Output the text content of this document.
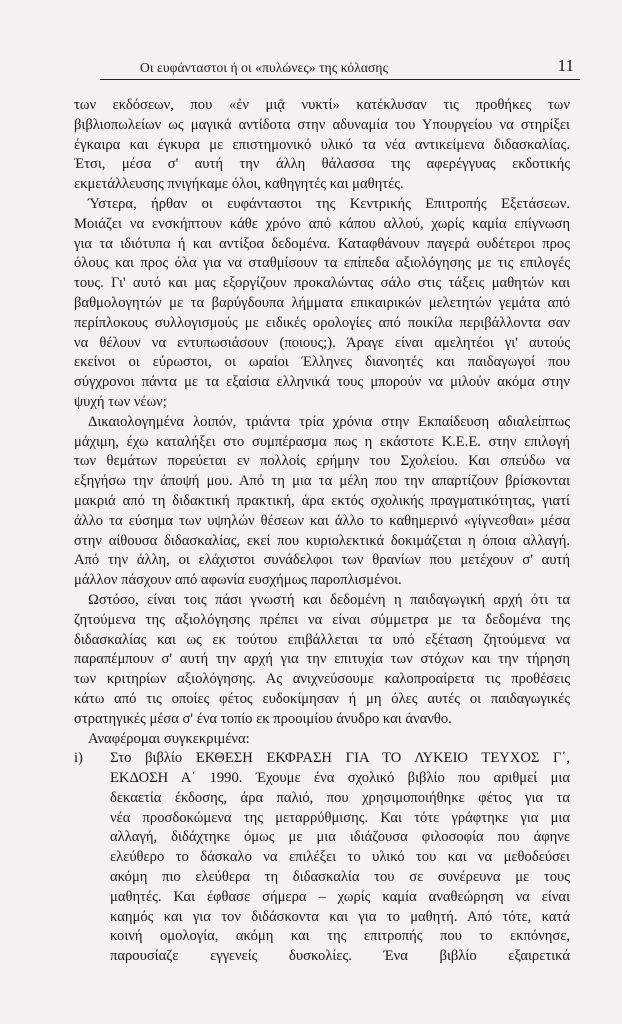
Οι ευφάνταστοι ή οι «πυλώνες» της κόλασης	11
των εκδόσεων, που «ἐν μιᾷ νυκτί» κατέκλυσαν τις προθήκες των
βιβλιοπωλείων ως μαγικά αντίδοτα στην αδυναμία του Υπουργείου να στηρίξει
έγκαιρα και έγκυρα με επιστημονικό υλικό τα νέα αντικείμενα διδασκαλίας.
Έτσι, μέσα σ' αυτή την άλλη θάλασσα της αφερέγγυας εκδοτικής
εκμετάλλευσης πνιγήκαμε όλοι, καθηγητές και μαθητές.
Ύστερα, ήρθαν οι ευφάνταστοι της Κεντρικής Επιτροπής Εξετάσεων.
Μοιάζει να ενσκήπτουν κάθε χρόνο από κάπου αλλού, χωρίς καμία επίγνωση
για τα ιδιότυπα ή και αντίξοα δεδομένα. Καταφθάνουν παγερά ουδέτεροι προς
όλους και προς όλα για να σταθμίσουν τα επίπεδα αξιολόγησης με τις επιλογές
τους. Γι' αυτό και μας εξοργίζουν προκαλώντας σάλο στις τάξεις μαθητών και
βαθμολογητών με τα βαρύγδουπα λήμματα επικαιρικών μελετητών γεμάτα από
περίπλοκους συλλογισμούς με ειδικές ορολογίες από ποικίλα περιβάλλοντα σαν
να θέλουν να εντυπωσιάσουν (ποιους;). Άραγε είναι αμελητέοι γι' αυτούς
εκείνοι οι εύρωστοι, οι ωραίοι Έλληνες διανοητές και παιδαγωγοί που
σύγχρονοι πάντα με τα εξαίσια ελληνικά τους μπορούν να μιλούν ακόμα στην
ψυχή των νέων;
Δικαιολογημένα λοιπόν, τριάντα τρία χρόνια στην Εκπαίδευση αδιαλείπτως
μάχιμη, έχω καταλήξει στο συμπέρασμα πως η εκάστοτε Κ.Ε.Ε. στην επιλογή
των θεμάτων πορεύεται εν πολλοίς ερήμην του Σχολείου. Και σπεύδω να
εξηγήσω την άποψή μου. Από τη μια τα μέλη που την απαρτίζουν βρίσκονται
μακριά από τη διδακτική πρακτική, άρα εκτός σχολικής πραγματικότητας, γιατί
άλλο τα εύσημα των υψηλών θέσεων και άλλο το καθημερινό «γίγνεσθαι» μέσα
στην αίθουσα διδασκαλίας, εκεί που κυριολεκτικά δοκιμάζεται η όποια αλλαγή.
Από την άλλη, οι ελάχιστοι συνάδελφοι των θρανίων που μετέχουν σ' αυτή
μάλλον πάσχουν από αφωνία ευσχήμως παροπλισμένοι.
Ωστόσο, είναι τοις πάσι γνωστή και δεδομένη η παιδαγωγική αρχή ότι τα
ζητούμενα της αξιολόγησης πρέπει να είναι σύμμετρα με τα δεδομένα της
διδασκαλίας και ως εκ τούτου επιβάλλεται τα υπό εξέταση ζητούμενα να
παραπέμπουν σ' αυτή την αρχή για την επιτυχία των στόχων και την τήρηση
των κριτηρίων αξιολόγησης. Ας ανιχνεύσουμε καλοπροαίρετα τις προθέσεις
κάτω από τις οποίες φέτος ευδοκίμησαν ή μη όλες αυτές οι παιδαγωγικές
στρατηγικές μέσα σ' ένα τοπίο εκ προοιμίου άνυδρο και άνανθο.
Αναφέρομαι συγκεκριμένα:
i) Στο βιβλίο ΕΚΘΕΣΗ ΕΚΦΡΑΣΗ ΓΙΑ ΤΟ ΛΥΚΕΙΟ ΤΕΥΧΟΣ Γ΄,
ΕΚΔΟΣΗ Α΄ 1990. Έχουμε ένα σχολικό βιβλίο που αριθμεί μια
δεκαετία έκδοσης, άρα παλιό, που χρησιμοποιήθηκε φέτος για τα
νέα προσδοκώμενα της μεταρρύθμισης. Και τότε γράφτηκε για μια
αλλαγή, διδάχτηκε όμως με μια ιδιάζουσα φιλοσοφία που άφηνε
ελεύθερο το δάσκαλο να επιλέξει το υλικό του και να μεθοδεύσει
ακόμη πιο ελεύθερα τη διδασκαλία του σε συνέρευνα με τους
μαθητές. Και έφθασε σήμερα – χωρίς καμία αναθεώρηση να είναι
καημός και για τον διδάσκοντα και για το μαθητή. Από τότε, κατά
κοινή ομολογία, ακόμη και της επιτροπής που το εκπόνησε,
παρουσίαζε εγγενείς δυσκολίες. Ένα βιβλίο εξαιρετικά
